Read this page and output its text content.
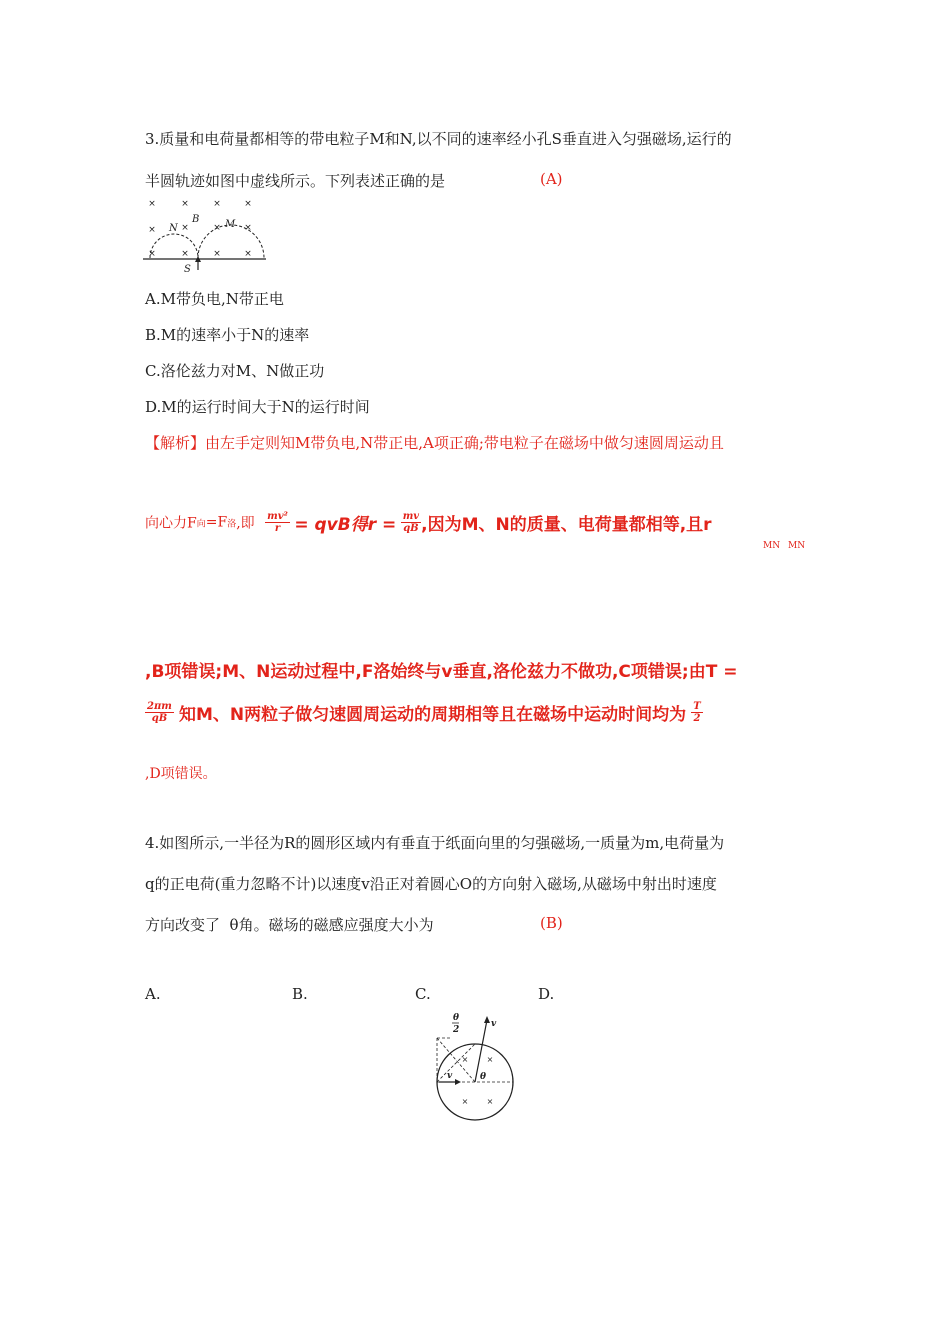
3.质量和电荷量都相等的带电粒子M和N,以不同的速率经小孔S垂直进入匀强磁场,运行的
半圆轨迹如图中虚线所示。下列表述正确的是	(A)
×	×	×	×
×	×	×	×
×	×	×	×
N
B	M
S
A.M带负电,N带正电
B.M的速率小于N的速率
C.洛伦兹力对M、N做正功
D.M的运行时间大于N的运行时间
【解析】由左手定则知M带负电,N带正电,A项正确;带电粒子在磁场中做匀速圆周运动且
向心力F向=F洛,即 $\frac{\text{mv²}}{r}$ = qvB得$r = \frac{mv}{qB}$ ,因为M、N的质量、电荷量都相等,且r
MN MN
,B项错误;M、N运动过程中,F洛始终与v垂直,洛伦兹力不做功,C项错误;由T =
$\frac{2\pi m}{qB}$ 知M、N两粒子做匀速圆周运动的周期相等且在磁场中运动时间均为 $\frac{T}{2}$
,D项错误。
4.如图所示,一半径为R的圆形区域内有垂直于纸面向里的匀强磁场,一质量为m,电荷量为
q的正电荷(重力忽略不计)以速度v沿正对着圆心O的方向射入磁场,从磁场中射出时速度
方向改变了  θ角。磁场的磁感应强度大小为	(B)
A.	B.	C.	D.
× ×
× ×
θ
2
v
v	θ
